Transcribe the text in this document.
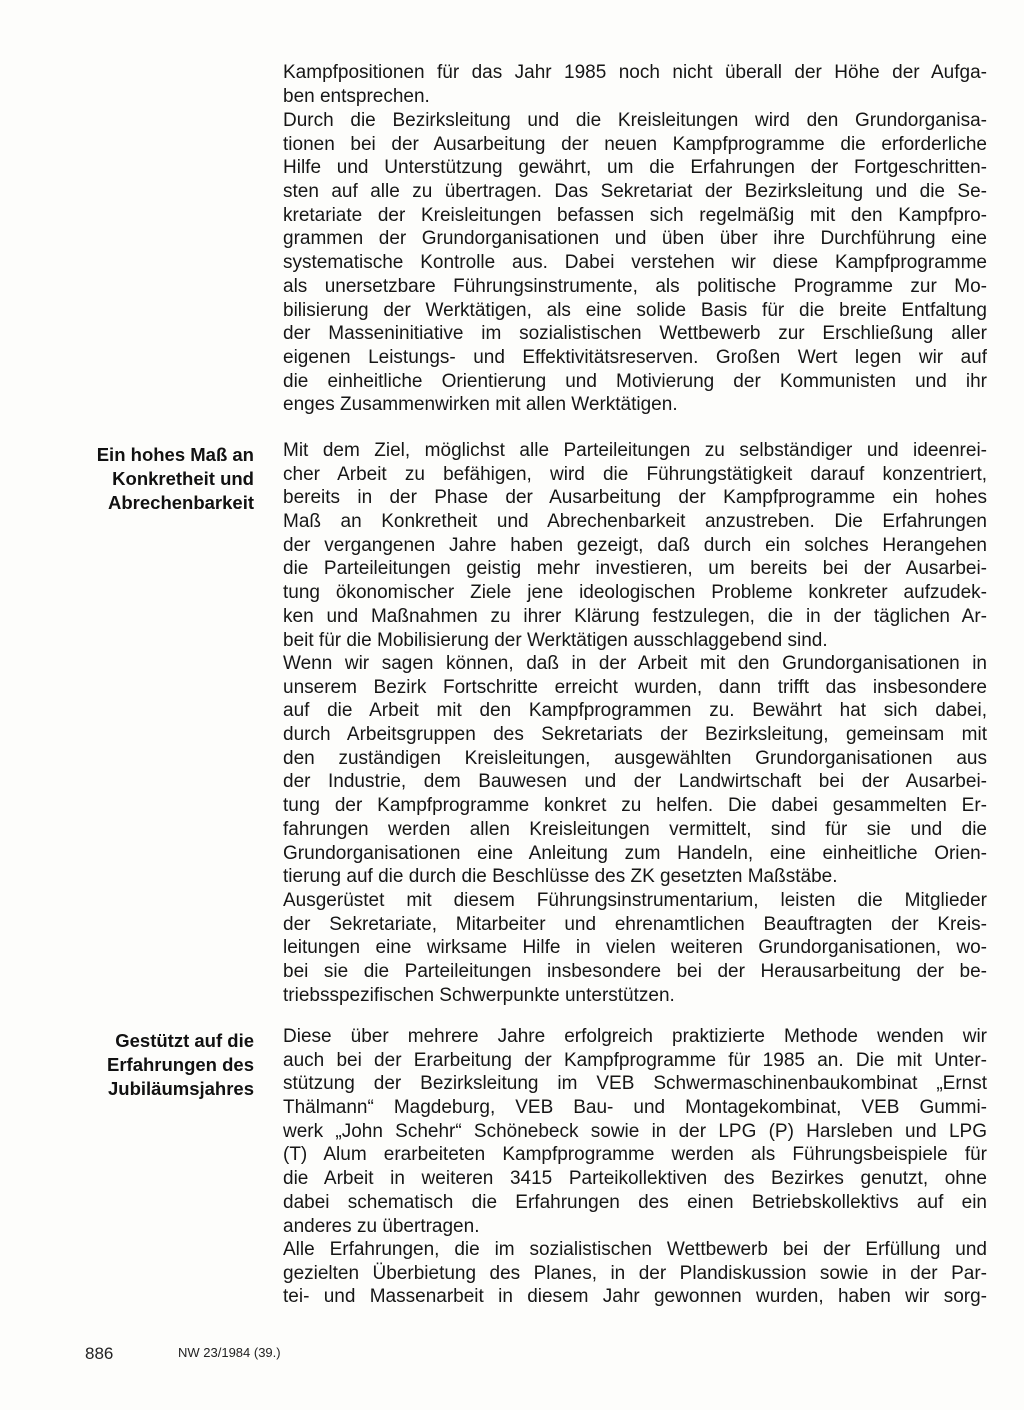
Kampfpositionen für das Jahr 1985 noch nicht überall der Höhe der Aufga-
ben entsprechen.
Durch die Bezirksleitung und die Kreisleitungen wird den Grundorganisa-
tionen bei der Ausarbeitung der neuen Kampfprogramme die erforderliche
Hilfe und Unterstützung gewährt, um die Erfahrungen der Fortgeschritten-
sten auf alle zu übertragen. Das Sekretariat der Bezirksleitung und die Se-
kretariate der Kreisleitungen befassen sich regelmäßig mit den Kampfpro-
grammen der Grundorganisationen und üben über ihre Durchführung eine
systematische Kontrolle aus. Dabei verstehen wir diese Kampfprogramme
als unersetzbare Führungsinstrumente, als politische Programme zur Mo-
bilisierung der Werktätigen, als eine solide Basis für die breite Entfaltung
der Masseninitiative im sozialistischen Wettbewerb zur Erschließung aller
eigenen Leistungs- und Effektivitätsreserven. Großen Wert legen wir auf
die einheitliche Orientierung und Motivierung der Kommunisten und ihr
enges Zusammenwirken mit allen Werktätigen.
Ein hohes Maß an
Konkretheit und
Abrechenbarkeit
Mit dem Ziel, möglichst alle Parteileitungen zu selbständiger und ideenrei-
cher Arbeit zu befähigen, wird die Führungstätigkeit darauf konzentriert,
bereits in der Phase der Ausarbeitung der Kampfprogramme ein hohes
Maß an Konkretheit und Abrechenbarkeit anzustreben. Die Erfahrungen
der vergangenen Jahre haben gezeigt, daß durch ein solches Herangehen
die Parteileitungen geistig mehr investieren, um bereits bei der Ausarbei-
tung ökonomischer Ziele jene ideologischen Probleme konkreter aufzudek-
ken und Maßnahmen zu ihrer Klärung festzulegen, die in der täglichen Ar-
beit für die Mobilisierung der Werktätigen ausschlaggebend sind.
Wenn wir sagen können, daß in der Arbeit mit den Grundorganisationen in
unserem Bezirk Fortschritte erreicht wurden, dann trifft das insbesondere
auf die Arbeit mit den Kampfprogrammen zu. Bewährt hat sich dabei,
durch Arbeitsgruppen des Sekretariats der Bezirksleitung, gemeinsam mit
den zuständigen Kreisleitungen, ausgewählten Grundorganisationen aus
der Industrie, dem Bauwesen und der Landwirtschaft bei der Ausarbei-
tung der Kampfprogramme konkret zu helfen. Die dabei gesammelten Er-
fahrungen werden allen Kreisleitungen vermittelt, sind für sie und die
Grundorganisationen eine Anleitung zum Handeln, eine einheitliche Orien-
tierung auf die durch die Beschlüsse des ZK gesetzten Maßstäbe.
Ausgerüstet mit diesem Führungsinstrumentarium, leisten die Mitglieder
der Sekretariate, Mitarbeiter und ehrenamtlichen Beauftragten der Kreis-
leitungen eine wirksame Hilfe in vielen weiteren Grundorganisationen, wo-
bei sie die Parteileitungen insbesondere bei der Herausarbeitung der be-
triebsspezifischen Schwerpunkte unterstützen.
Gestützt auf die
Erfahrungen des
Jubiläumsjahres
Diese über mehrere Jahre erfolgreich praktizierte Methode wenden wir
auch bei der Erarbeitung der Kampfprogramme für 1985 an. Die mit Unter-
stützung der Bezirksleitung im VEB Schwermaschinenbaukombinat „Ernst
Thälmann“ Magdeburg, VEB Bau- und Montagekombinat, VEB Gummi-
werk „John Schehr“ Schönebeck sowie in der LPG (P) Harsleben und LPG
(T) Alum erarbeiteten Kampfprogramme werden als Führungsbeispiele für
die Arbeit in weiteren 3415 Parteikollektiven des Bezirkes genutzt, ohne
dabei schematisch die Erfahrungen des einen Betriebskollektivs auf ein
anderes zu übertragen.
Alle Erfahrungen, die im sozialistischen Wettbewerb bei der Erfüllung und
gezielten Überbietung des Planes, in der Plandiskussion sowie in der Par-
tei- und Massenarbeit in diesem Jahr gewonnen wurden, haben wir sorg-
886	NW 23/1984 (39.)
